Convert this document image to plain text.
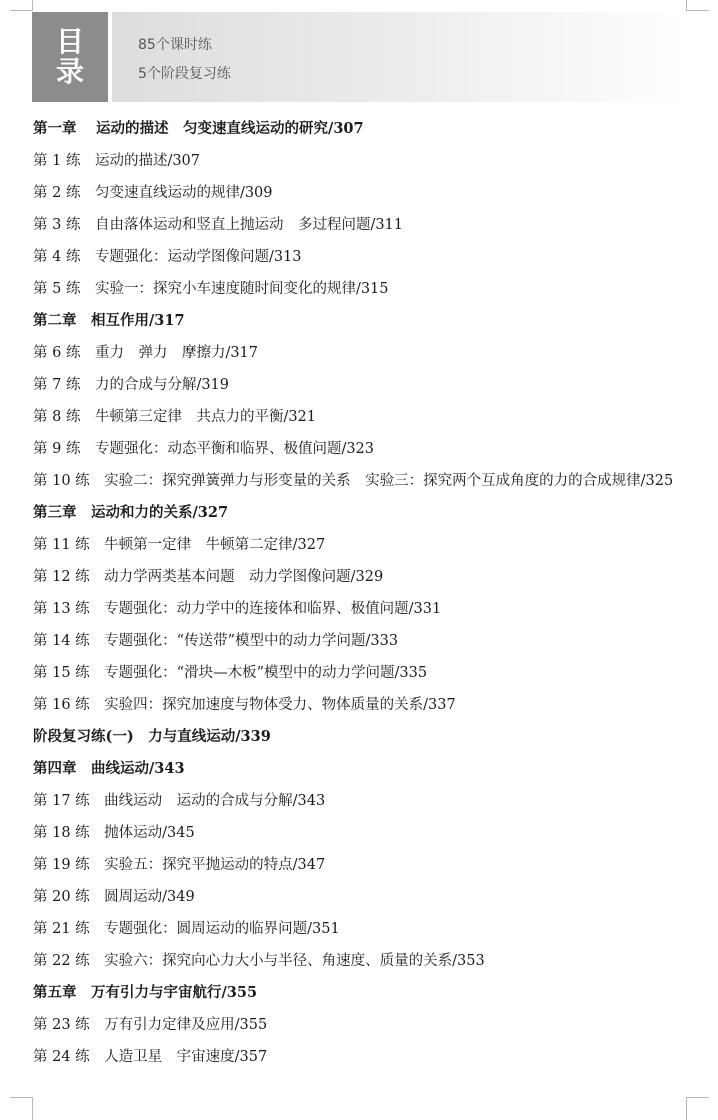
目
录
85个课时练
5个阶段复习练
第一章　 运动的描述　匀变速直线运动的研究/307
第 1 练　运动的描述/307
第 2 练　匀变速直线运动的规律/309
第 3 练　自由落体运动和竖直上抛运动　多过程问题/311
第 4 练　专题强化：运动学图像问题/313
第 5 练　实验一：探究小车速度随时间变化的规律/315
第二章　相互作用/317
第 6 练　重力　弹力　摩擦力/317
第 7 练　力的合成与分解/319
第 8 练　牛顿第三定律　共点力的平衡/321
第 9 练　专题强化：动态平衡和临界、极值问题/323
第 10 练　实验二：探究弹簧弹力与形变量的关系　实验三：探究两个互成角度的力的合成规律/325
第三章　运动和力的关系/327
第 11 练　牛顿第一定律　牛顿第二定律/327
第 12 练　动力学两类基本问题　动力学图像问题/329
第 13 练　专题强化：动力学中的连接体和临界、极值问题/331
第 14 练　专题强化：“传送带”模型中的动力学问题/333
第 15 练　专题强化：“滑块—木板”模型中的动力学问题/335
第 16 练　实验四：探究加速度与物体受力、物体质量的关系/337
阶段复习练(一)　力与直线运动/339
第四章　曲线运动/343
第 17 练　曲线运动　运动的合成与分解/343
第 18 练　抛体运动/345
第 19 练　实验五：探究平抛运动的特点/347
第 20 练　圆周运动/349
第 21 练　专题强化：圆周运动的临界问题/351
第 22 练　实验六：探究向心力大小与半径、角速度、质量的关系/353
第五章　万有引力与宇宙航行/355
第 23 练　万有引力定律及应用/355
第 24 练　人造卫星　宇宙速度/357
